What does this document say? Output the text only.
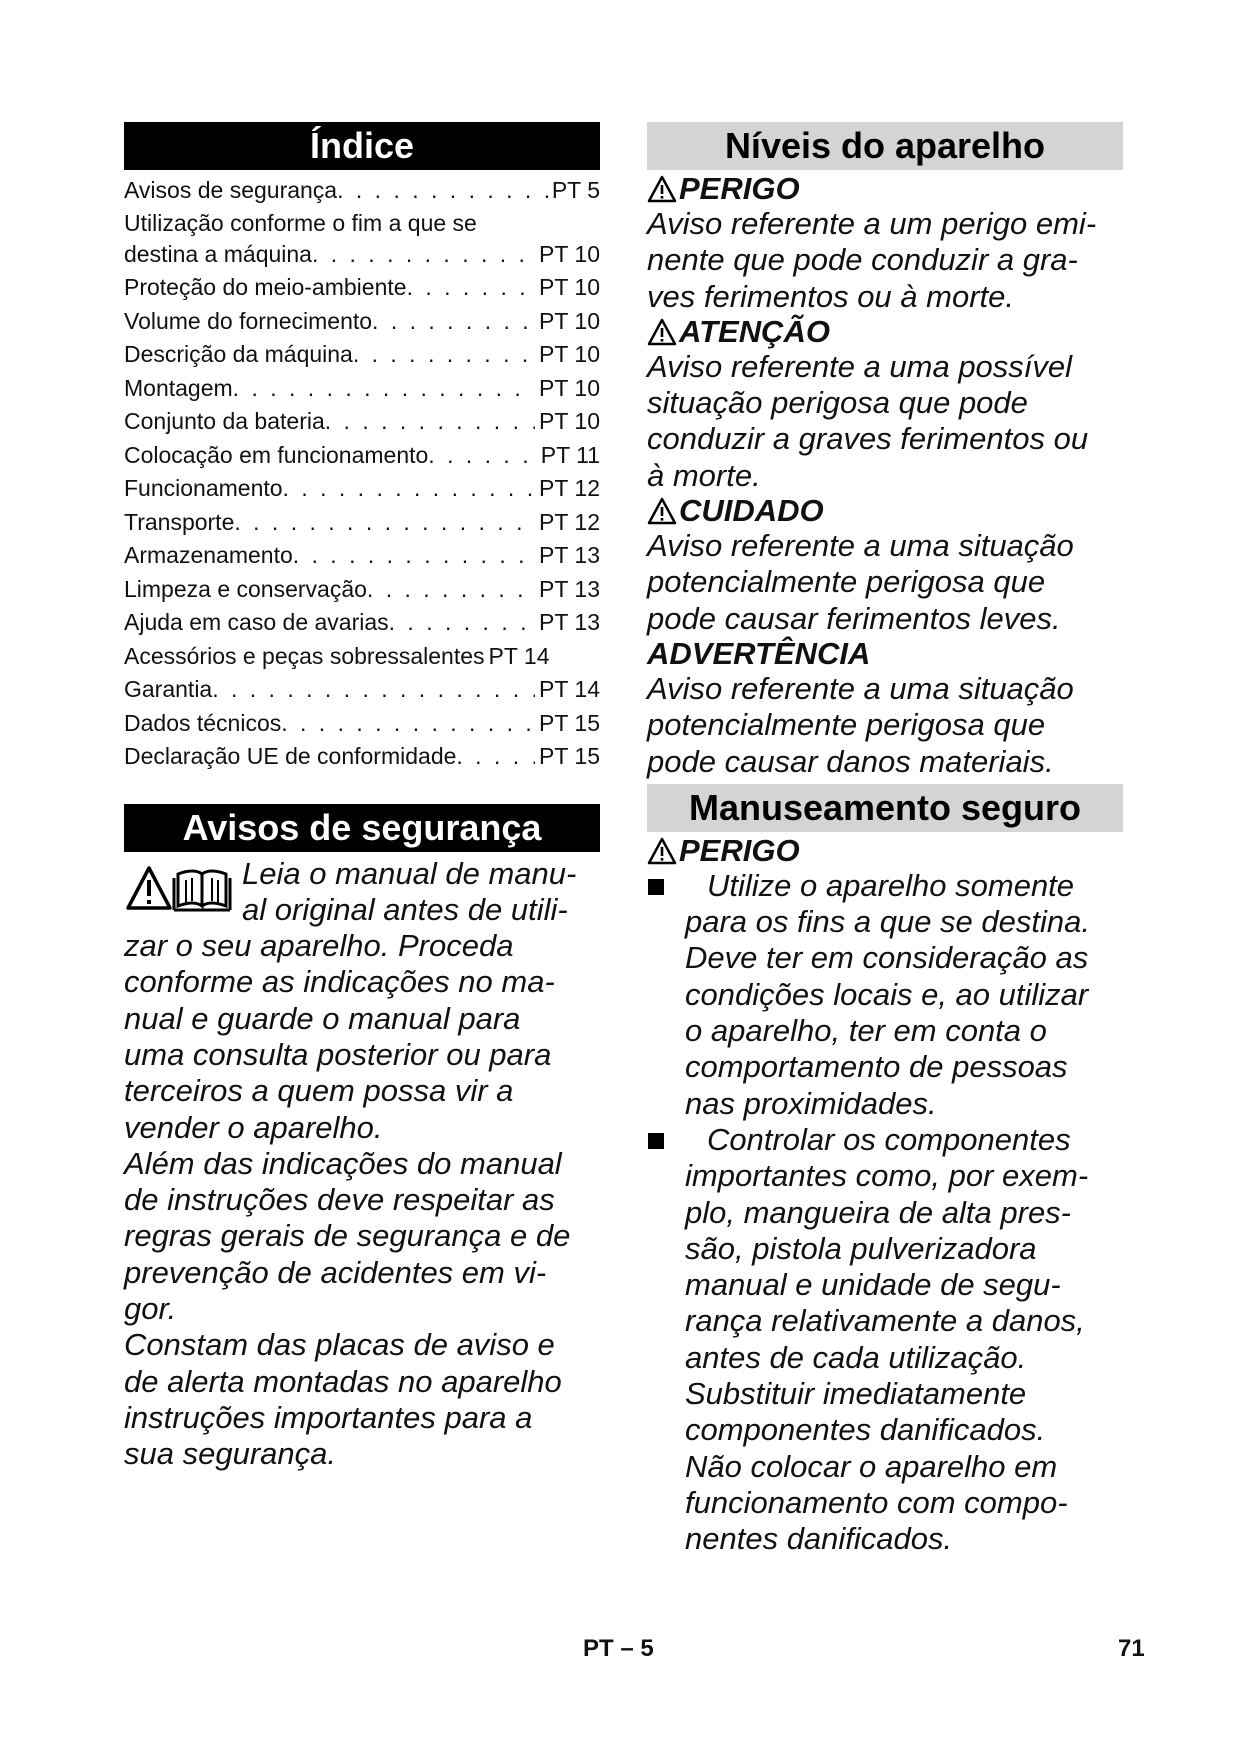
Índice
Avisos de segurança . . .	PT 5
Utilização conforme o fim a que se
destina a máquina . . .	PT 10
Proteção do meio-ambiente . . .	PT 10
Volume do fornecimento . . .	PT 10
Descrição da máquina . . .	PT 10
Montagem . . .	PT 10
Conjunto da bateria . . .	PT 10
Colocação em funcionamento . . .	PT 11
Funcionamento . . .	PT 12
Transporte . . .	PT 12
Armazenamento . . .	PT 13
Limpeza e conservação . . .	PT 13
Ajuda em caso de avarias . . .	PT 13
Acessórios e peças sobressalentes PT 14
Garantia . . .	PT 14
Dados técnicos . . .	PT 15
Declaração UE de conformidade . . .	PT 15
Avisos de segurança
Leia o manual de manu-
al original antes de utili-
zar o seu aparelho. Proceda
conforme as indicações no ma-
nual e guarde o manual para
uma consulta posterior ou para
terceiros a quem possa vir a
vender o aparelho.
Além das indicações do manual
de instruções deve respeitar as
regras gerais de segurança e de
prevenção de acidentes em vi-
gor.
Constam das placas de aviso e
de alerta montadas no aparelho
instruções importantes para a
sua segurança.
Níveis do aparelho
PERIGO
Aviso referente a um perigo emi-
nente que pode conduzir a gra-
ves ferimentos ou à morte.
ATENÇÃO
Aviso referente a uma possível
situação perigosa que pode
conduzir a graves ferimentos ou
à morte.
CUIDADO
Aviso referente a uma situação
potencialmente perigosa que
pode causar ferimentos leves.
ADVERTÊNCIA
Aviso referente a uma situação
potencialmente perigosa que
pode causar danos materiais.
Manuseamento seguro
PERIGO
Utilize o aparelho somente
para os fins a que se destina.
Deve ter em consideração as
condições locais e, ao utilizar
o aparelho, ter em conta o
comportamento de pessoas
nas proximidades.
Controlar os componentes
importantes como, por exem-
plo, mangueira de alta pres-
são, pistola pulverizadora
manual e unidade de segu-
rança relativamente a danos,
antes de cada utilização.
Substituir imediatamente
componentes danificados.
Não colocar o aparelho em
funcionamento com compo-
nentes danificados.
PT – 5	71
